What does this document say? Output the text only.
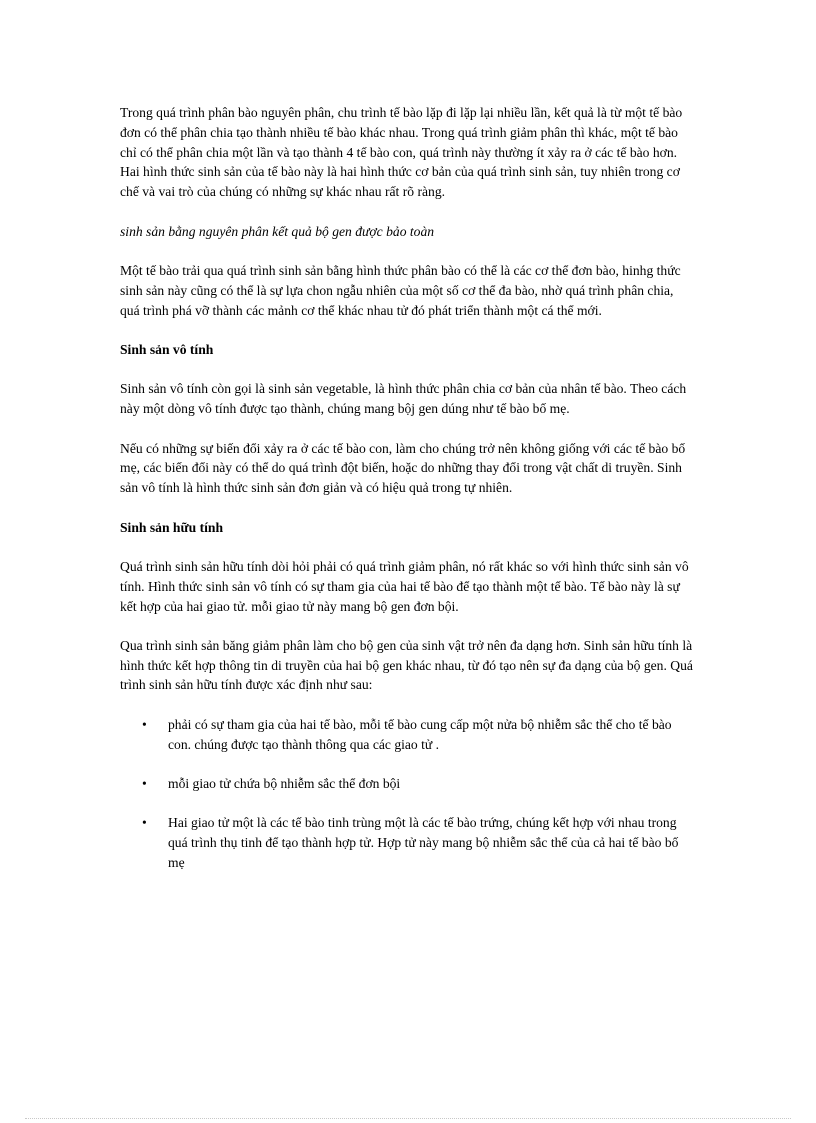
Trong quá trình phân bào nguyên phân, chu trình tế bào lặp đi lặp lại nhiều lần, kết quả là từ một tế bào đơn có thể phân chia tạo thành nhiều tế bào khác nhau. Trong quá trình giảm phân thì khác, một tế bào chỉ có thể phân chia một lần và tạo thành 4 tế bào con, quá trình này thường ít xảy ra ở các tế bào hơn. Hai hình thức sinh sản của tế bào này là hai hình thức cơ bản của quá trình sinh sản, tuy nhiên trong cơ chế và vai trò của chúng có những sự khác nhau rất rõ ràng.

sinh sản bằng nguyên phân kết quả bộ gen được bảo toàn

Một tế bào trải qua quá trình sinh sản bằng hình thức phân bào có thể là các cơ thể đơn bào, hinhg thức sinh sản này cũng có thể là sự lựa chon ngẫu nhiên của một số cơ thể đa bào, nhờ quá trình phân chia, quá trình phá vỡ thành các mảnh cơ thể khác nhau tử đó phát triển thành một cá thể mới.

Sinh sản vô tính

Sinh sản vô tính còn gọi là sinh sản vegetable, là hình thức phân chia cơ bản của nhân tế bào. Theo cách này một dòng vô tính được tạo thành, chúng mang bộj gen dúng như tế bào bố mẹ.

Nếu có những sự biến đổi xảy ra ở các tế bào con, làm cho chúng trở nên không giống với các tế bào bố mẹ, các biến đổi này có thể do quá trình đột biến, hoặc do những thay đổi trong vật chất di truyền. Sinh sản vô tính là hình thức sinh sản đơn giản và có hiệu quả trong tự nhiên.

Sinh sản hữu tính

Quá trình sinh sản hữu tính dòi hỏi phải có quá trình giảm phân, nó rất khác so với hình thức sinh sản vô tính. Hình thức sinh sản vô tính có sự tham gia của hai tế bào để tạo thành một tế bào. Tế bào này là sự kết hợp của hai giao tử. mỗi giao tử này mang bộ gen đơn bội.

Qua trình sinh sản băng giảm phân làm cho bộ gen của sinh vật trở nên đa dạng hơn. Sinh sản hữu tính là hình thức kết hợp thông tin di truyền của hai bộ gen khác nhau, từ đó tạo nên sự đa dạng của bộ gen. Quá trình sinh sản hữu tính được xác định như sau:

• phải có sự tham gia của hai tế bào, mỗi tế bào cung cấp một nửa bộ nhiễm sắc thể cho tế bào con. chúng được tạo thành thông qua các giao tử .
• mỗi giao tử chứa bộ nhiễm sắc thể đơn bội
• Hai giao tử một là các tế bào tinh trùng một là các tế bào trứng, chúng kết hợp với nhau trong quá trình thụ tinh để tạo thành hợp tử. Hợp tử này mang bộ nhiễm sắc thể của cả hai tế bào bố mẹ
